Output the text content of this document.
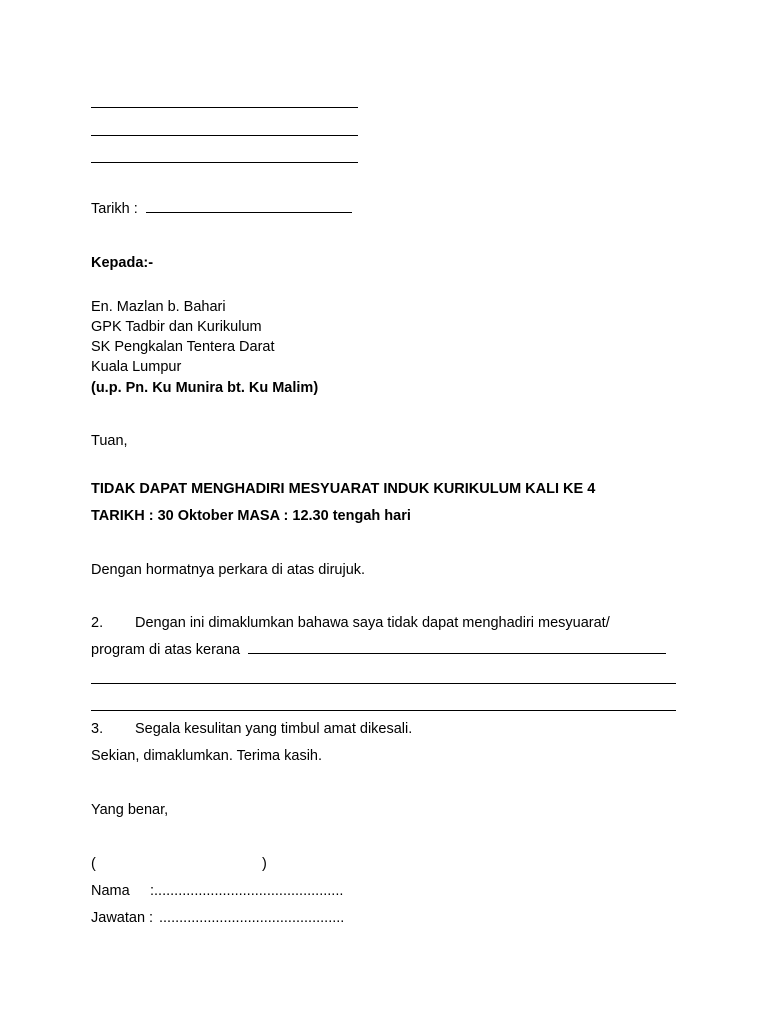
Tarikh :
Kepada:-
En. Mazlan b. Bahari
GPK Tadbir dan Kurikulum
SK Pengkalan Tentera Darat
Kuala Lumpur
(u.p. Pn. Ku Munira bt. Ku Malim)
Tuan,
TIDAK DAPAT MENGHADIRI MESYUARAT INDUK KURIKULUM KALI KE 4
TARIKH : 30 Oktober MASA : 12.30 tengah hari
Dengan hormatnya perkara di atas dirujuk.
2. Dengan ini dimaklumkan bahawa saya tidak dapat menghadiri mesyuarat/
program di atas kerana
3. Segala kesulitan yang timbul amat dikesali.
Sekian, dimaklumkan. Terima kasih.
Yang benar,
(	)
Nama :...............................................
Jawatan : ..............................................
